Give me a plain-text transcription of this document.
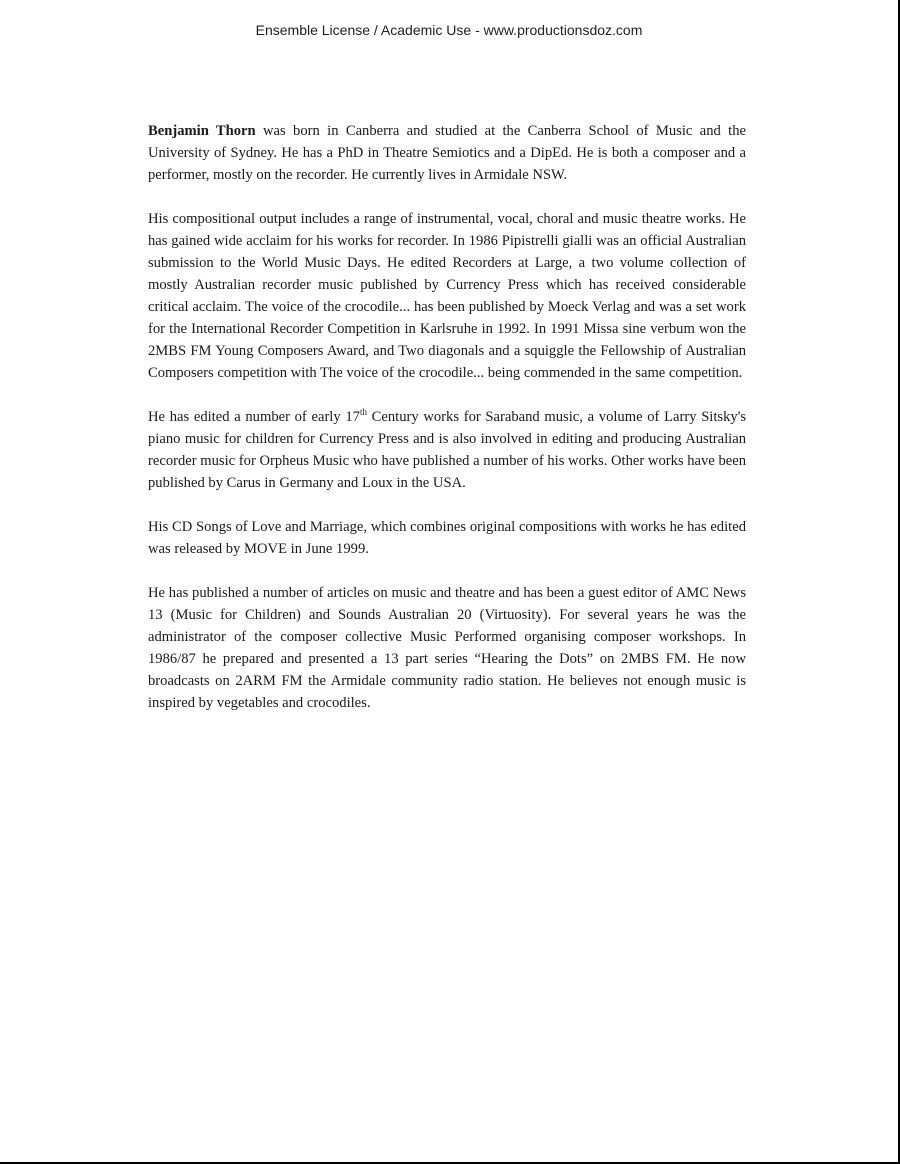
Ensemble License / Academic Use - www.productionsdoz.com

Benjamin Thorn was born in Canberra and studied at the Canberra School of Music and the University of Sydney. He has a PhD in Theatre Semiotics and a DipEd. He is both a composer and a performer, mostly on the recorder. He currently lives in Armidale NSW.

His compositional output includes a range of instrumental, vocal, choral and music theatre works. He has gained wide acclaim for his works for recorder. In 1986 Pipistrelli gialli was an official Australian submission to the World Music Days. He edited Recorders at Large, a two volume collection of mostly Australian recorder music published by Currency Press which has received considerable critical acclaim. The voice of the crocodile... has been published by Moeck Verlag and was a set work for the International Recorder Competition in Karlsruhe in 1992. In 1991 Missa sine verbum won the 2MBS FM Young Composers Award, and Two diagonals and a squiggle the Fellowship of Australian Composers competition with The voice of the crocodile... being commended in the same competition.

He has edited a number of early 17th Century works for Saraband music, a volume of Larry Sitsky's piano music for children for Currency Press and is also involved in editing and producing Australian recorder music for Orpheus Music who have published a number of his works. Other works have been published by Carus in Germany and Loux in the USA.

His CD Songs of Love and Marriage, which combines original compositions with works he has edited was released by MOVE in June 1999.

He has published a number of articles on music and theatre and has been a guest editor of AMC News 13 (Music for Children) and Sounds Australian 20 (Virtuosity). For several years he was the administrator of the composer collective Music Performed organising composer workshops. In 1986/87 he prepared and presented a 13 part series “Hearing the Dots” on 2MBS FM. He now broadcasts on 2ARM FM the Armidale community radio station. He believes not enough music is inspired by vegetables and crocodiles.
